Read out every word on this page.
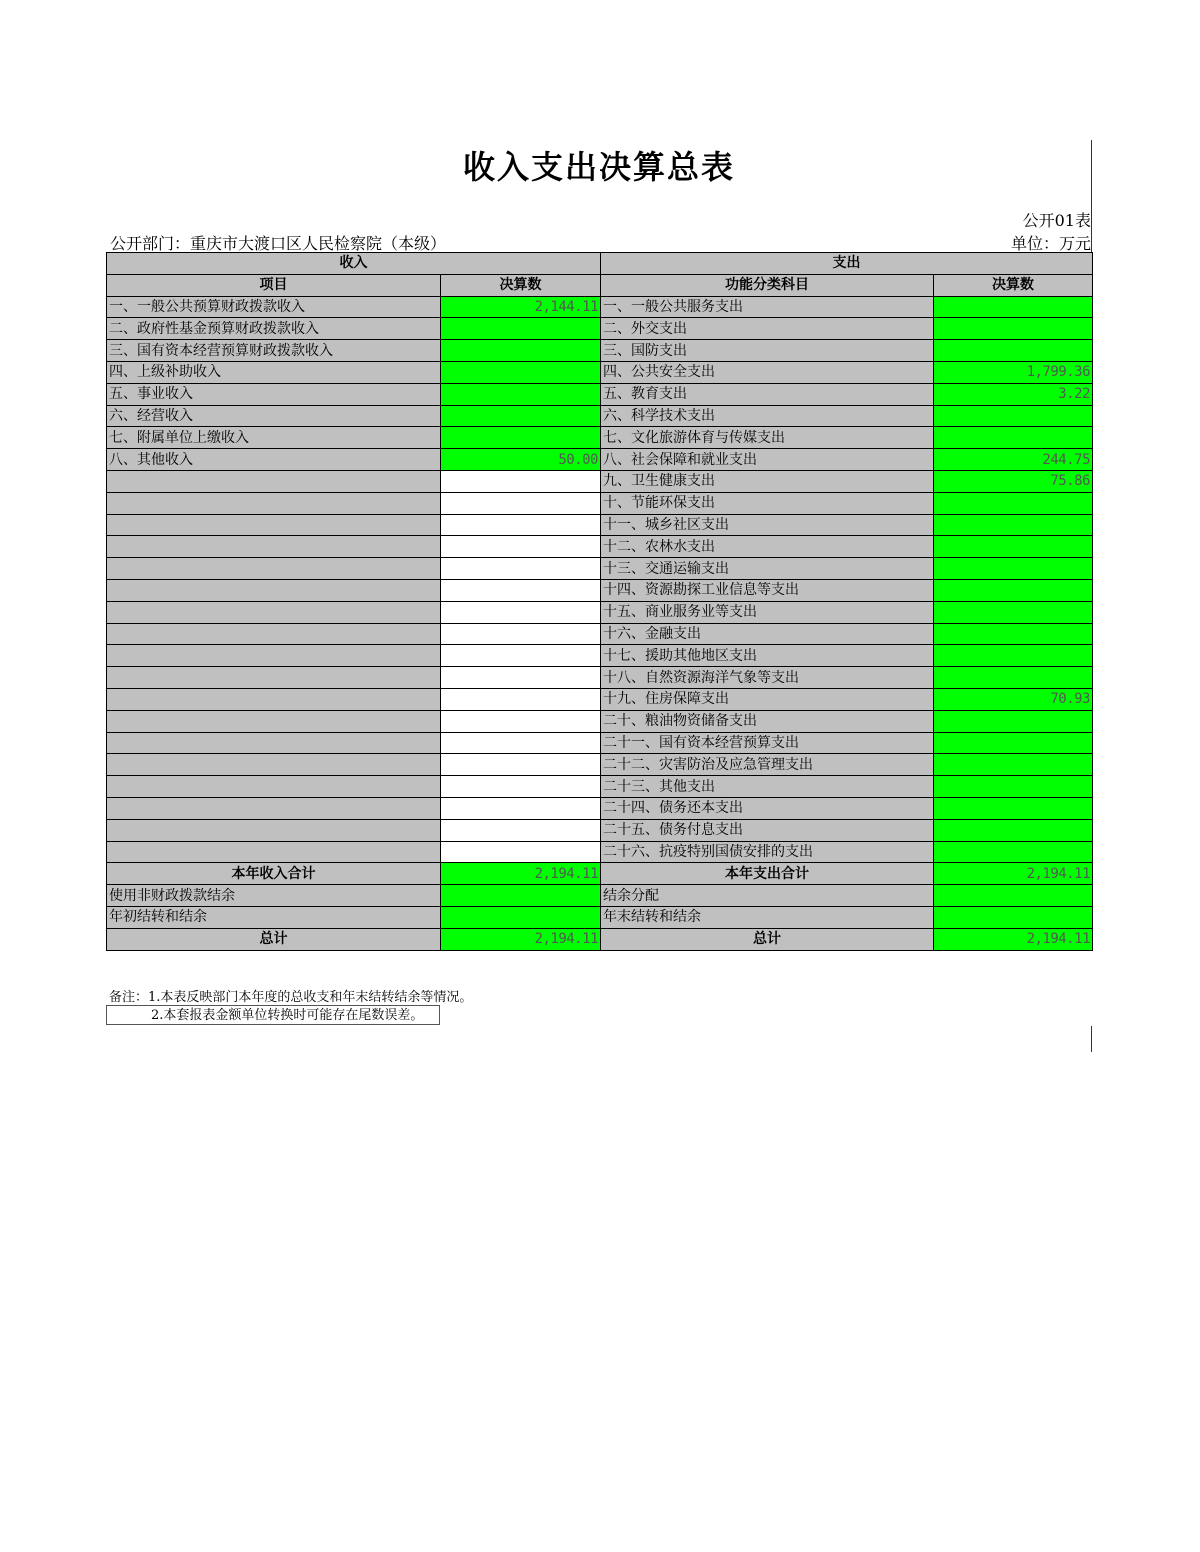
收入支出决算总表
公开01表
公开部门：重庆市大渡口区人民检察院（本级）	单位：万元
收入		支出	
项目	决算数	功能分类科目	决算数
一、一般公共预算财政拨款收入	2,144.11	一、一般公共服务支出	
二、政府性基金预算财政拨款收入		二、外交支出	
三、国有资本经营预算财政拨款收入		三、国防支出	
四、上级补助收入		四、公共安全支出	1,799.36
五、事业收入		五、教育支出	3.22
六、经营收入		六、科学技术支出	
七、附属单位上缴收入		七、文化旅游体育与传媒支出	
八、其他收入	50.00	八、社会保障和就业支出	244.75
		九、卫生健康支出	75.86
		十、节能环保支出	
		十一、城乡社区支出	
		十二、农林水支出	
		十三、交通运输支出	
		十四、资源勘探工业信息等支出	
		十五、商业服务业等支出	
		十六、金融支出	
		十七、援助其他地区支出	
		十八、自然资源海洋气象等支出	
		十九、住房保障支出	70.93
		二十、粮油物资储备支出	
		二十一、国有资本经营预算支出	
		二十二、灾害防治及应急管理支出	
		二十三、其他支出	
		二十四、债务还本支出	
		二十五、债务付息支出	
		二十六、抗疫特别国债安排的支出	
本年收入合计	2,194.11	本年支出合计	2,194.11
使用非财政拨款结余		结余分配	
年初结转和结余		年末结转和结余	
总计	2,194.11	总计	2,194.11
备注：1.本表反映部门本年度的总收支和年末结转结余等情况。
2.本套报表金额单位转换时可能存在尾数误差。
